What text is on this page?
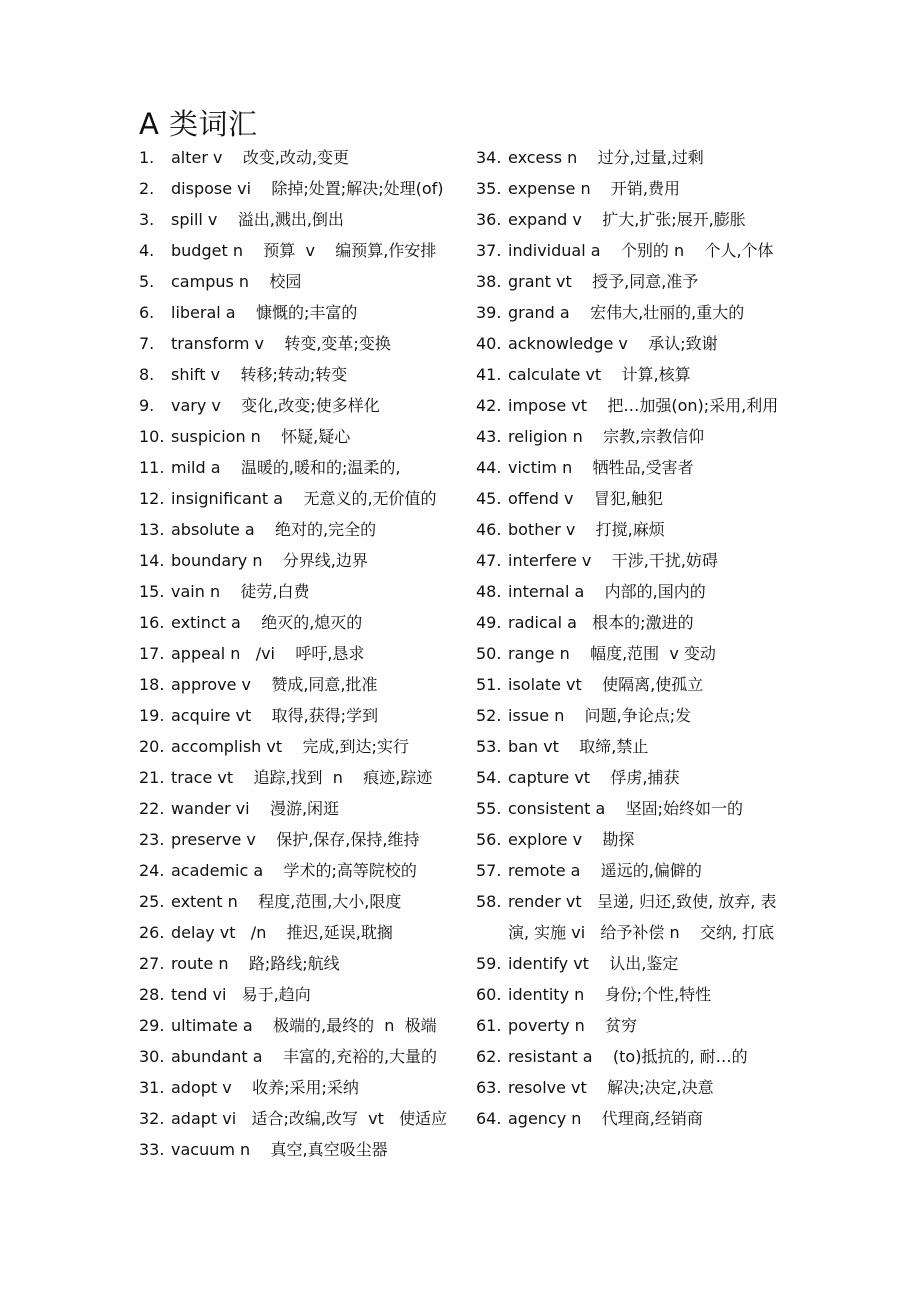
A 类词汇
1. alter v    改变,改动,变更
2. dispose vi    除掉;处置;解决;处理(of)
3. spill v    溢出,溅出,倒出
4. budget n    预算  v    编预算,作安排
5. campus n    校园
6. liberal a    慷慨的;丰富的
7. transform v    转变,变革;变换
8. shift v    转移;转动;转变
9. vary v    变化,改变;使多样化
10. suspicion n    怀疑,疑心
11. mild a    温暖的,暖和的;温柔的,
12. insignificant a    无意义的,无价值的
13. absolute a    绝对的,完全的
14. boundary n    分界线,边界
15. vain n    徒劳,白费
16. extinct a    绝灭的,熄灭的
17. appeal n   /vi    呼吁,恳求
18. approve v    赞成,同意,批准
19. acquire vt    取得,获得;学到
20. accomplish vt    完成,到达;实行
21. trace vt    追踪,找到  n    痕迹,踪迹
22. wander vi    漫游,闲逛
23. preserve v    保护,保存,保持,维持
24. academic a    学术的;高等院校的
25. extent n    程度,范围,大小,限度
26. delay vt   /n    推迟,延误,耽搁
27. route n    路;路线;航线
28. tend vi   易于,趋向
29. ultimate a    极端的,最终的  n  极端
30. abundant a    丰富的,充裕的,大量的
31. adopt v    收养;采用;采纳
32. adapt vi   适合;改编,改写  vt   使适应
33. vacuum n    真空,真空吸尘器
34. excess n    过分,过量,过剩
35. expense n    开销,费用
36. expand v    扩大,扩张;展开,膨胀
37. individual a    个别的 n    个人,个体
38. grant vt    授予,同意,准予
39. grand a    宏伟大,壮丽的,重大的
40. acknowledge v    承认;致谢
41. calculate vt    计算,核算
42. impose vt    把…加强(on);采用,利用
43. religion n    宗教,宗教信仰
44. victim n    牺牲品,受害者
45. offend v    冒犯,触犯
46. bother v    打搅,麻烦
47. interfere v    干涉,干扰,妨碍
48. internal a    内部的,国内的
49. radical a   根本的;激进的
50. range n    幅度,范围  v 变动
51. isolate vt    使隔离,使孤立
52. issue n    问题,争论点;发
53. ban vt    取缔,禁止
54. capture vt    俘虏,捕获
55. consistent a    坚固;始终如一的
56. explore v    勘探
57. remote a    遥远的,偏僻的
58. render vt   呈递, 归还,致使, 放弃, 表演, 实施 vi   给予补偿 n    交纳, 打底
59. identify vt    认出,鉴定
60. identity n    身份;个性,特性
61. poverty n    贫穷
62. resistant a    (to)抵抗的, 耐…的
63. resolve vt    解决;决定,决意
64. agency n    代理商,经销商
